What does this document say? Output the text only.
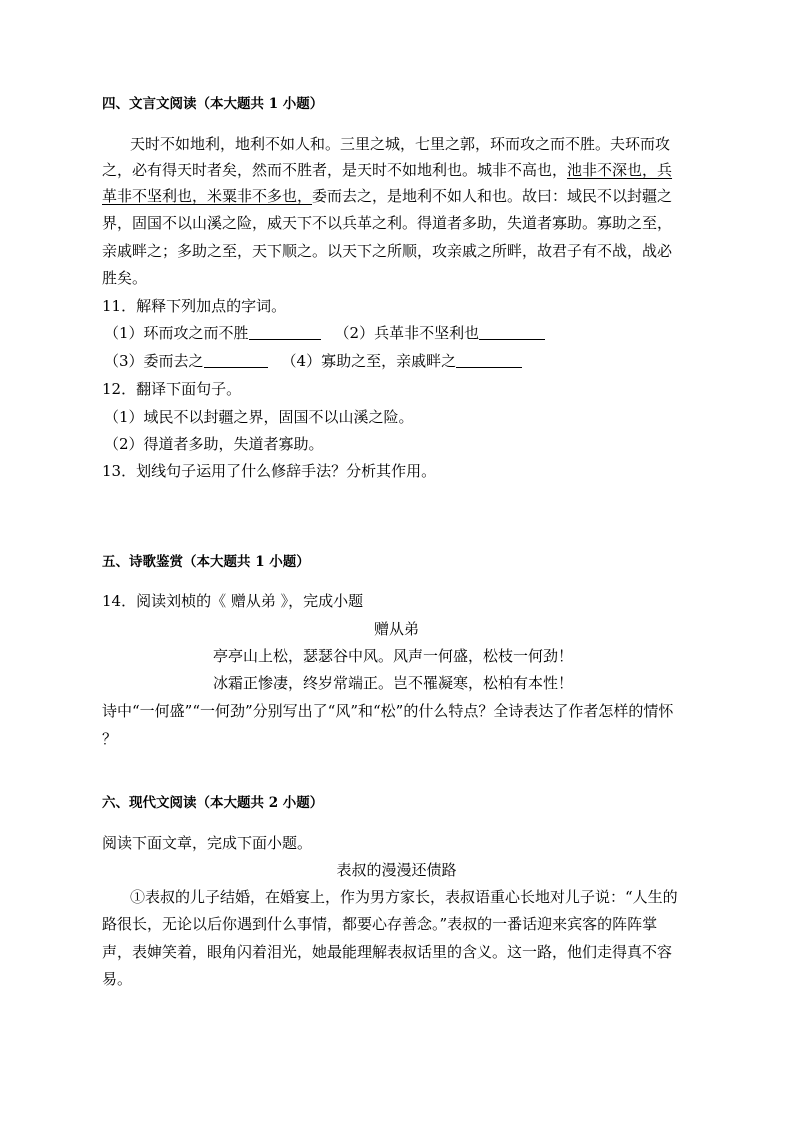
四、文言文阅读（本大题共 1 小题）
天时不如地利，地利不如人和。三里之城，七里之郭，环而攻之而不胜。夫环而攻
之，必有得天时者矣，然而不胜者，是天时不如地利也。城非不高也，池非不深也，兵
革非不坚利也，米粟非不多也，委而去之，是地利不如人和也。故曰：域民不以封疆之
界，固国不以山溪之险，威天下不以兵革之利。得道者多助，失道者寡助。寡助之至，
亲戚畔之；多助之至，天下顺之。以天下之所顺，攻亲戚之所畔，故君子有不战，战必
胜矣。
11．解释下列加点的字词。
（1）环而攻之而不胜	（2）兵革非不坚利也
（3）委而去之	（4）寡助之至，亲戚畔之
12．翻译下面句子。
（1）域民不以封疆之界，固国不以山溪之险。
（2）得道者多助，失道者寡助。
13．划线句子运用了什么修辞手法？分析其作用。
五、诗歌鉴赏（本大题共 1 小题）
14．阅读刘桢的《 赠从弟 》，完成小题
赠从弟
亭亭山上松，瑟瑟谷中风。风声一何盛，松枝一何劲！
冰霜正惨凄，终岁常端正。岂不罹凝寒，松柏有本性！
诗中“一何盛”“一何劲”分别写出了“风”和“松”的什么特点？全诗表达了作者怎样的情怀
？
六、现代文阅读（本大题共 2 小题）
阅读下面文章，完成下面小题。
表叔的漫漫还债路
①表叔的儿子结婚，在婚宴上，作为男方家长，表叔语重心长地对儿子说：“人生的
路很长，无论以后你遇到什么事情，都要心存善念。”表叔的一番话迎来宾客的阵阵掌
声，表婶笑着，眼角闪着泪光，她最能理解表叔话里的含义。这一路，他们走得真不容
易。
